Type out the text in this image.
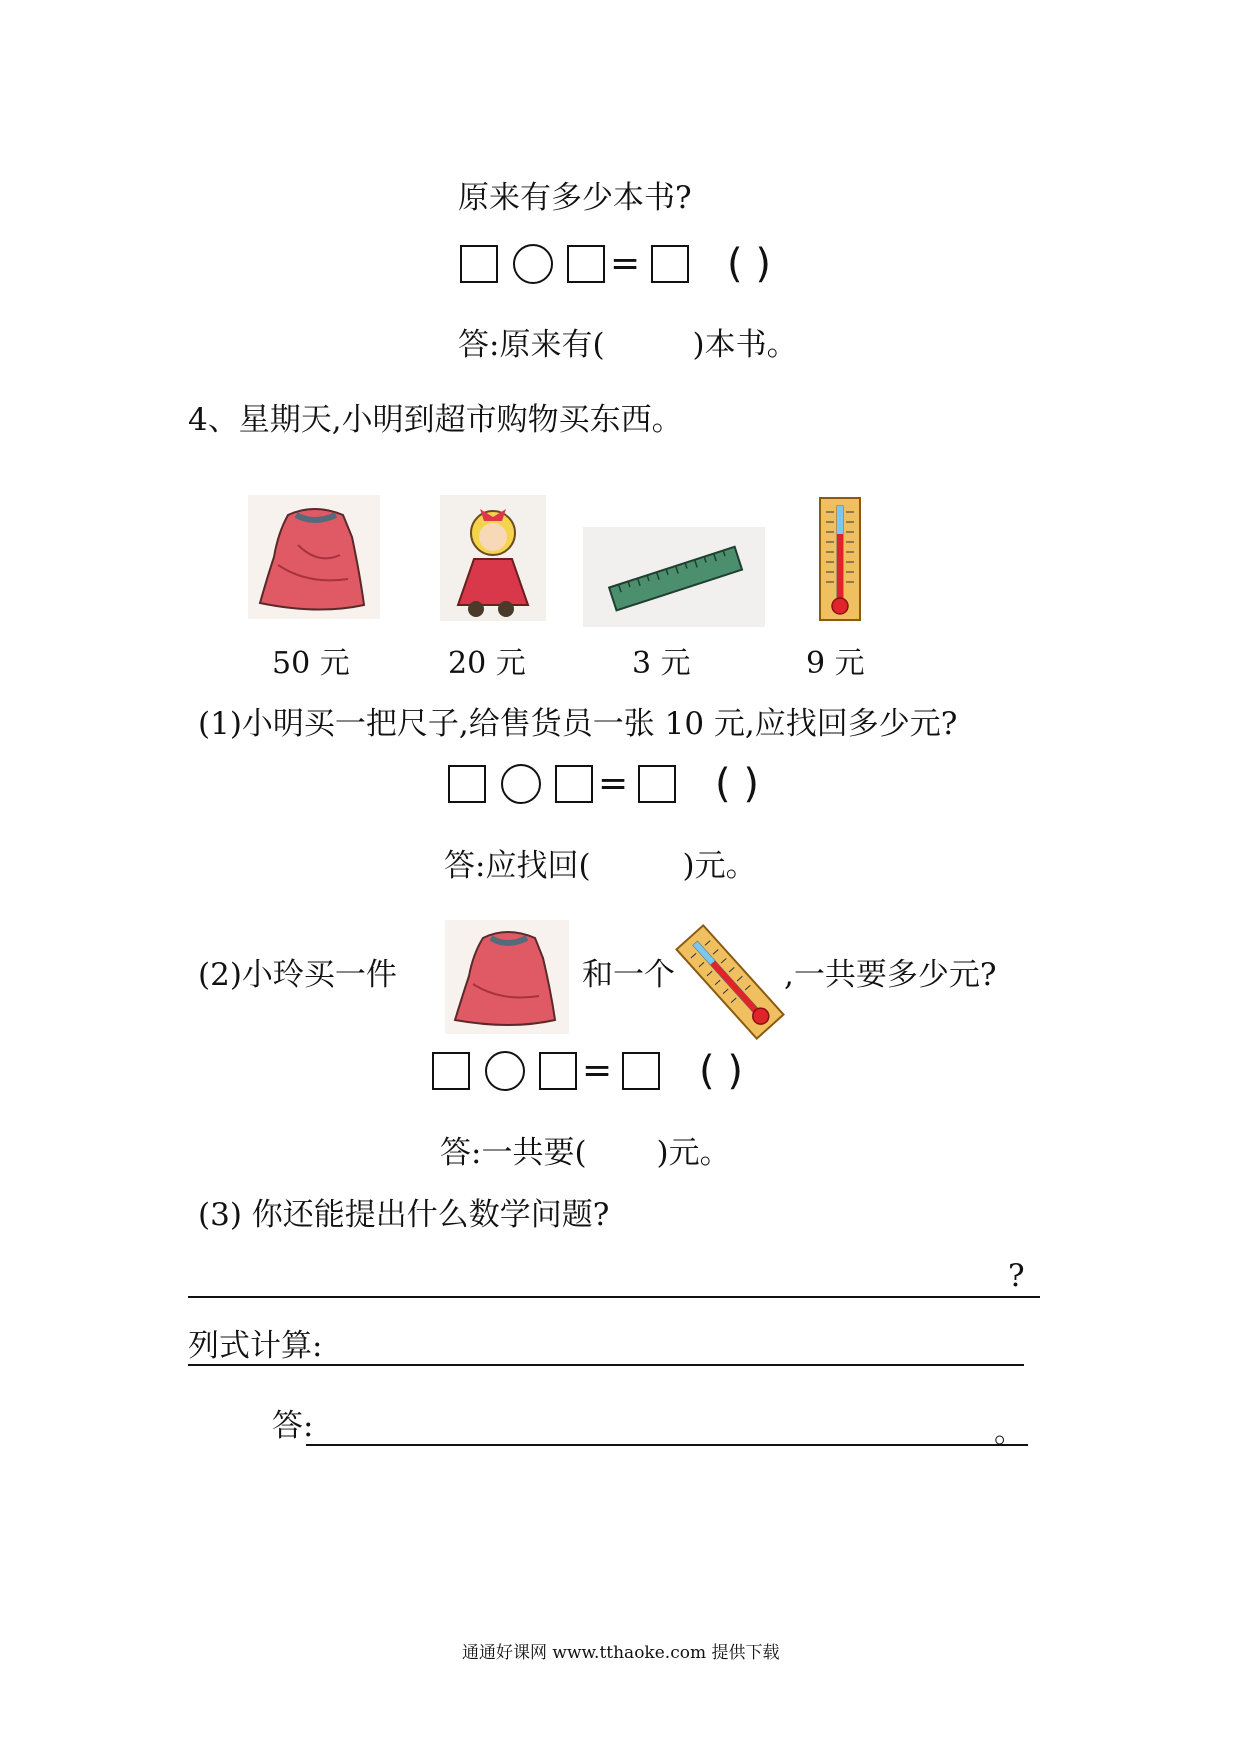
原来有多少本书?
= ( )
答:原来有(	)本书。
4、星期天,小明到超市购物买东西。
50 元	20 元	3 元	9 元
(1)小明买一把尺子,给售货员一张 10 元,应找回多少元?
= ( )
答:应找回(	)元。
(2)小玲买一件	和一个	,一共要多少元?
= ( )
答:一共要( )元。
(3) 你还能提出什么数学问题?
?
列式计算:
答:	。
通通好课网 www.tthaoke.com 提供下载
